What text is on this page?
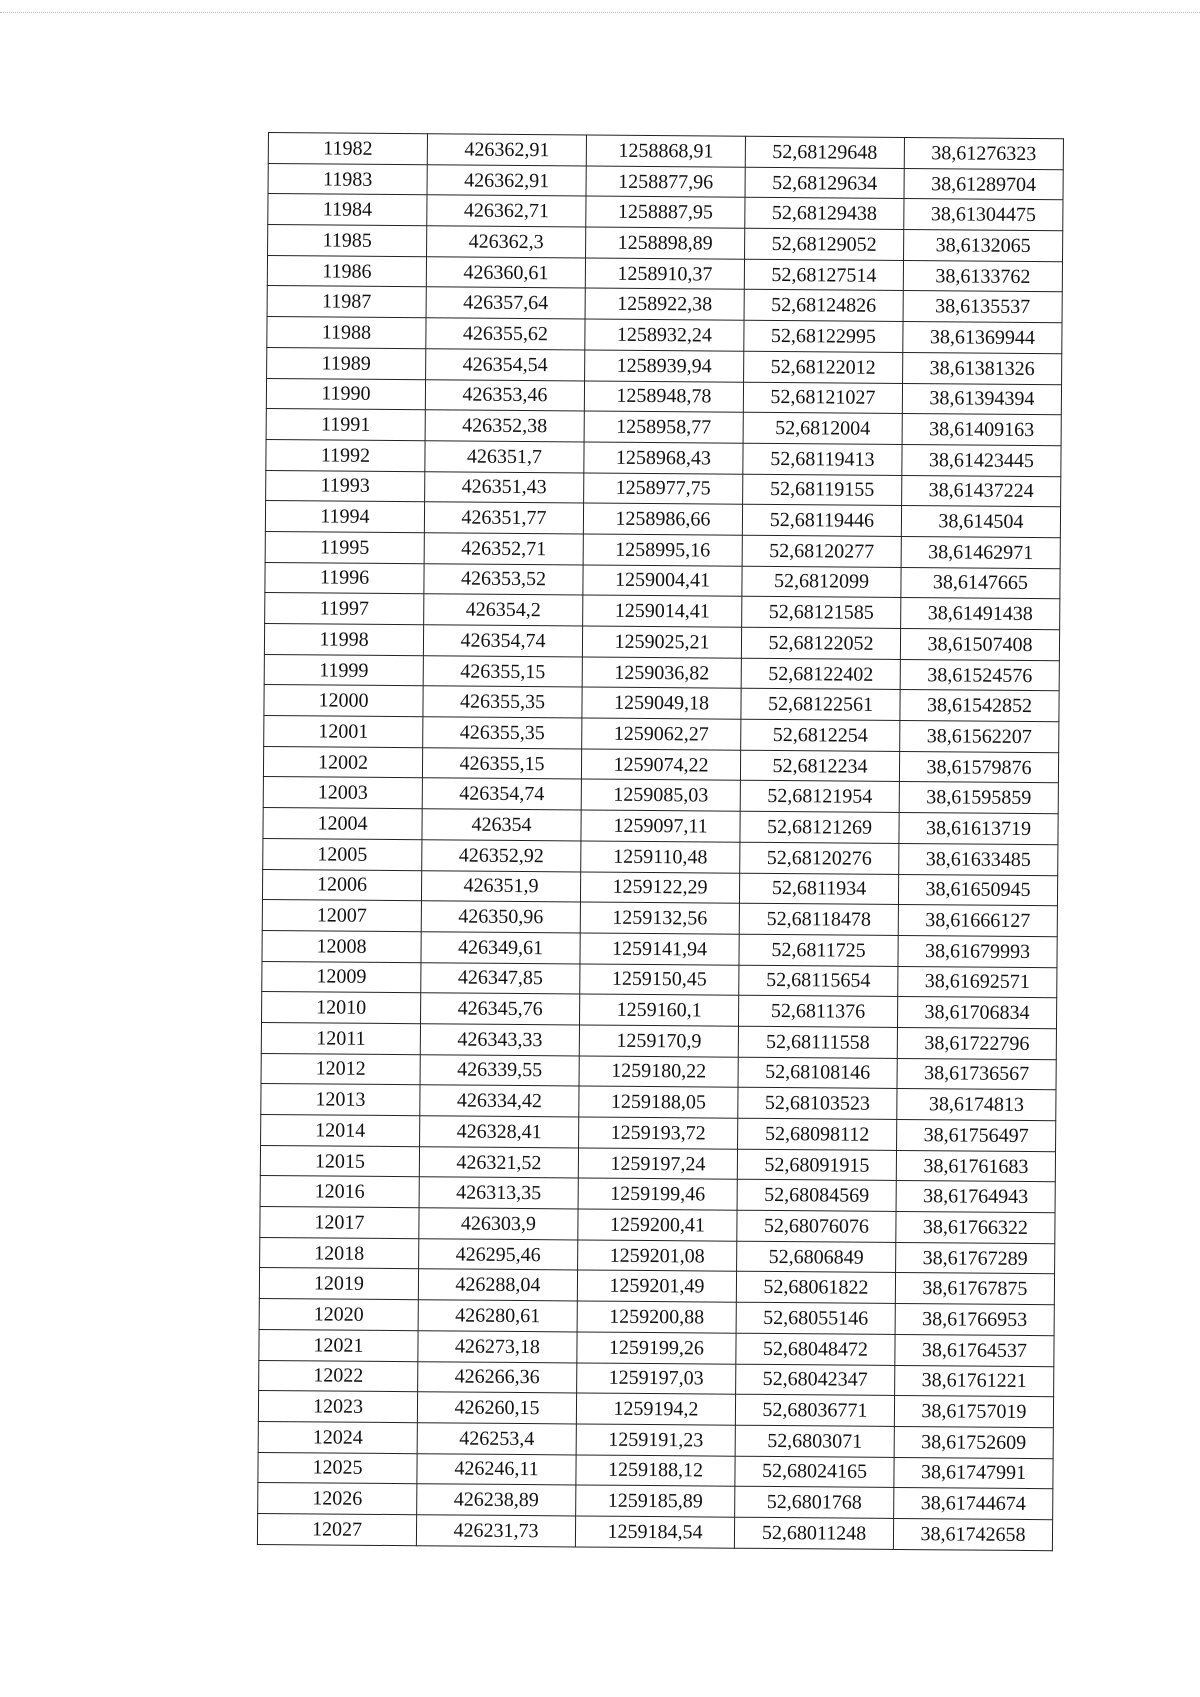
11982	426362,91	1258868,91	52,68129648	38,61276323
11983	426362,91	1258877,96	52,68129634	38,61289704
11984	426362,71	1258887,95	52,68129438	38,61304475
11985	426362,3	1258898,89	52,68129052	38,6132065
11986	426360,61	1258910,37	52,68127514	38,6133762
11987	426357,64	1258922,38	52,68124826	38,6135537
11988	426355,62	1258932,24	52,68122995	38,61369944
11989	426354,54	1258939,94	52,68122012	38,61381326
11990	426353,46	1258948,78	52,68121027	38,61394394
11991	426352,38	1258958,77	52,6812004	38,61409163
11992	426351,7	1258968,43	52,68119413	38,61423445
11993	426351,43	1258977,75	52,68119155	38,61437224
11994	426351,77	1258986,66	52,68119446	38,614504
11995	426352,71	1258995,16	52,68120277	38,61462971
11996	426353,52	1259004,41	52,6812099	38,6147665
11997	426354,2	1259014,41	52,68121585	38,61491438
11998	426354,74	1259025,21	52,68122052	38,61507408
11999	426355,15	1259036,82	52,68122402	38,61524576
12000	426355,35	1259049,18	52,68122561	38,61542852
12001	426355,35	1259062,27	52,6812254	38,61562207
12002	426355,15	1259074,22	52,6812234	38,61579876
12003	426354,74	1259085,03	52,68121954	38,61595859
12004	426354	1259097,11	52,68121269	38,61613719
12005	426352,92	1259110,48	52,68120276	38,61633485
12006	426351,9	1259122,29	52,6811934	38,61650945
12007	426350,96	1259132,56	52,68118478	38,61666127
12008	426349,61	1259141,94	52,6811725	38,61679993
12009	426347,85	1259150,45	52,68115654	38,61692571
12010	426345,76	1259160,1	52,6811376	38,61706834
12011	426343,33	1259170,9	52,68111558	38,61722796
12012	426339,55	1259180,22	52,68108146	38,61736567
12013	426334,42	1259188,05	52,68103523	38,6174813
12014	426328,41	1259193,72	52,68098112	38,61756497
12015	426321,52	1259197,24	52,68091915	38,61761683
12016	426313,35	1259199,46	52,68084569	38,61764943
12017	426303,9	1259200,41	52,68076076	38,61766322
12018	426295,46	1259201,08	52,6806849	38,61767289
12019	426288,04	1259201,49	52,68061822	38,61767875
12020	426280,61	1259200,88	52,68055146	38,61766953
12021	426273,18	1259199,26	52,68048472	38,61764537
12022	426266,36	1259197,03	52,68042347	38,61761221
12023	426260,15	1259194,2	52,68036771	38,61757019
12024	426253,4	1259191,23	52,6803071	38,61752609
12025	426246,11	1259188,12	52,68024165	38,61747991
12026	426238,89	1259185,89	52,6801768	38,61744674
12027	426231,73	1259184,54	52,68011248	38,61742658
